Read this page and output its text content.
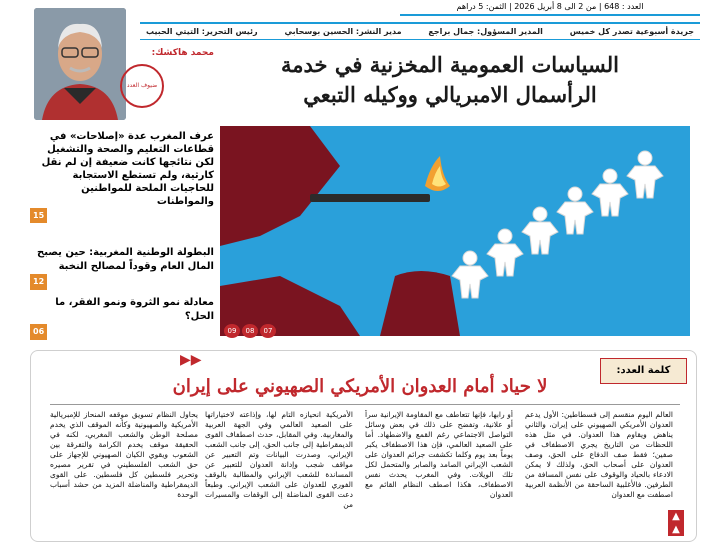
العدد : 648 | من 2 الى 8 أبريل 2026 | الثمن: 5 دراهم
جريدة أسبوعية تصدر كل خميس
المدير المسؤول: جمال براجع
مدير النشر: الحسين بوسحابي
رئيس التحرير: التيتي الحبيب
السياسات العمومية المخزنية في خدمة
الرأسمال الامبريالي ووكيله التبعي
محمد هاكشك:
ضيوف العدد
عرف المغرب عدة «إصلاحات» في قطاعات التعليم والصحة والتشغيل لكن نتائجها كانت ضعيفة إن لم نقل كارثية، ولم تستطع الاستجابة للحاجيات الملحة للمواطنين والمواطنات
15
البطولة الوطنية المغربية: حين يصبح المال العام وقوداً لمصالح النخبة
12
معادلة نمو الثروة ونمو الفقر، ما الحل؟
06	09 08 07
▶▶
كلمة العدد:
لا حياد أمام العدوان الأمريكي الصهيوني على إيران
العالم اليوم منقسم إلى فسطاطين: الأول يدعم العدوان الأمريكي الصهيوني على إيران، والثاني يناهض ويقاوم هذا العدوان. في مثل هذه اللحظات من التاريخ يجري الاصطفاف في صفين؛ فقط صف الدفاع على الحق، وصف العدوان على أصحاب الحق، ولذلك لا يمكن الادعاء بالحياد والوقوف على نفس المسافة من الطرفين. فالأغلبية الساحقة من الأنظمة العربية اصطفت مع العدوان
أو رابها، فإنها تتعاطف مع المقاومة الإيرانية سراً أو علانية، وتفضح على ذلك في بعض وسائل التواصل الاجتماعي رغم القمع والاضطهاد. أما على الصعيد العالمي، فإن هذا الاصطفاف يكبر يوماً بعد يوم وكلما تكشفت جرائم العدوان على الشعب الإيراني الصامد والصابر والمتحمل لكل تلك الويلات. وفي المغرب يحدث نفس الاصطفاف، هكذا اصطف النظام القائم مع العدوان
الأمريكية انحيازه التام لها، وإذاعته لاختياراتها على الصعيد العالمي وفي الجهة العربية والمغاربية. وفي المقابل، حدث اصطفاف القوى الديمقراطية إلى جانب الحق، إلى جانب الشعب الإيراني، وصدرت البيانات وتم التعبير عن مواقف شجب وإدانة العدوان للتعبير عن المساندة للشعب الإيراني والمطالبة بالوقف الفوري للعدوان على الشعب الإيراني. وطبعاً دعت القوى المناضلة إلى الوقفات والمسيرات من
يحاول النظام تسويق موقفه المنحاز للإمبريالية الأمريكية والصهيونية وكأنه الموقف الذي يخدم مصلحة الوطن والشعب المغربي، لكنه في الحقيقة موقف يخدم الكرامة والتفرقة بين الشعوب ويقوي الكيان الصهيوني للإجهاز على حق الشعب الفلسطيني في تقرير مصيره وتحرير فلسطين كل فلسطين. على القوى الديمقراطية والمناضلة المزيد من حشد أسباب الوحدة
▲
▲
